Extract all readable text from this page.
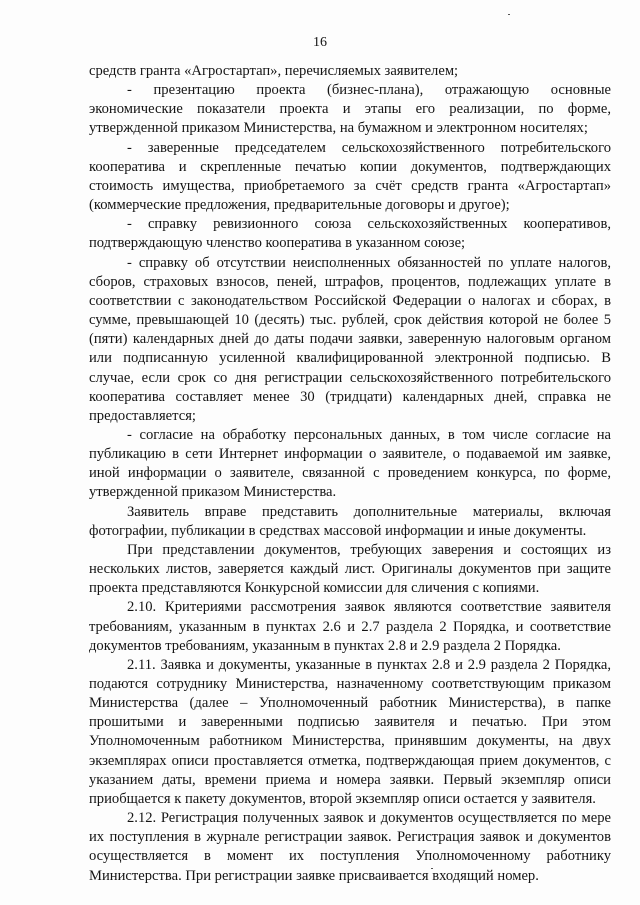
16

средств гранта «Агростартап», перечисляемых заявителем;

- презентацию проекта (бизнес-плана), отражающую основные экономические показатели проекта и этапы его реализации, по форме, утвержденной приказом Министерства, на бумажном и электронном носителях;

- заверенные председателем сельскохозяйственного потребительского кооператива и скрепленные печатью копии документов, подтверждающих стоимость имущества, приобретаемого за счёт средств гранта «Агростартап» (коммерческие предложения, предварительные договоры и другое);

- справку ревизионного союза сельскохозяйственных кооперативов, подтверждающую членство кооператива в указанном союзе;

- справку об отсутствии неисполненных обязанностей по уплате налогов, сборов, страховых взносов, пеней, штрафов, процентов, подлежащих уплате в соответствии с законодательством Российской Федерации о налогах и сборах, в сумме, превышающей 10 (десять) тыс. рублей, срок действия которой не более 5 (пяти) календарных дней до даты подачи заявки, заверенную налоговым органом или подписанную усиленной квалифицированной электронной подписью. В случае, если срок со дня регистрации сельскохозяйственного потребительского кооператива составляет менее 30 (тридцати) календарных дней, справка не предоставляется;

- согласие на обработку персональных данных, в том числе согласие на публикацию в сети Интернет информации о заявителе, о подаваемой им заявке, иной информации о заявителе, связанной с проведением конкурса, по форме, утвержденной приказом Министерства.

Заявитель вправе представить дополнительные материалы, включая фотографии, публикации в средствах массовой информации и иные документы.

При представлении документов, требующих заверения и состоящих из нескольких листов, заверяется каждый лист. Оригиналы документов при защите проекта представляются Конкурсной комиссии для сличения с копиями.

2.10. Критериями рассмотрения заявок являются соответствие заявителя требованиям, указанным в пунктах 2.6 и 2.7 раздела 2 Порядка, и соответствие документов требованиям, указанным в пунктах 2.8 и 2.9 раздела 2 Порядка.

2.11. Заявка и документы, указанные в пунктах 2.8 и 2.9 раздела 2 Порядка, подаются сотруднику Министерства, назначенному соответствующим приказом Министерства (далее – Уполномоченный работник Министерства), в папке прошитыми и заверенными подписью заявителя и печатью. При этом Уполномоченным работником Министерства, принявшим документы, на двух экземплярах описи проставляется отметка, подтверждающая прием документов, с указанием даты, времени приема и номера заявки. Первый экземпляр описи приобщается к пакету документов, второй экземпляр описи остается у заявителя.

2.12. Регистрация полученных заявок и документов осуществляется по мере их поступления в журнале регистрации заявок. Регистрация заявок и документов осуществляется в момент их поступления Уполномоченному работнику Министерства. При регистрации заявке присваивается входящий номер.
